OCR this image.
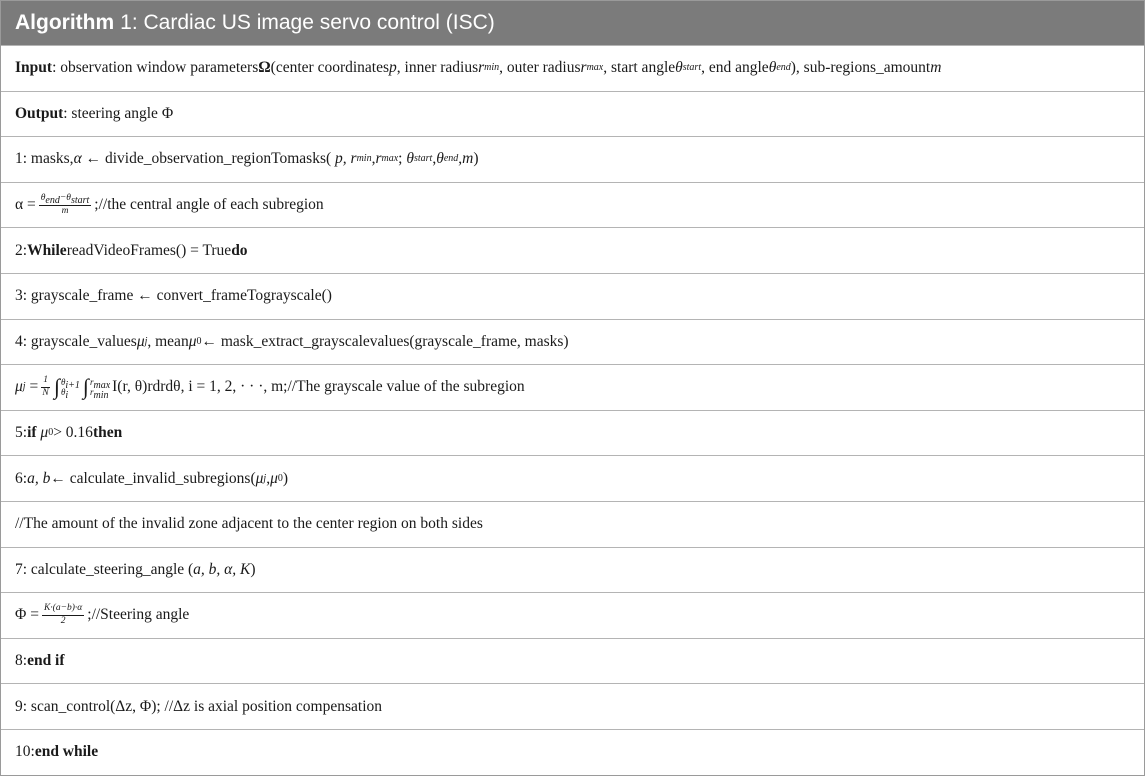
Algorithm 1 : Cardiac US image servo control (ISC)
Input : observation window parameters Ω (center coordinates p , inner radius r min , outer radius r max , start angle θ start , end angle θ end ), sub-regions_amount m
Output : steering angle Φ
1: masks, α ← divide_observation_regionTomasks(
p, r min , r max ; θ start , θ end , m )
$\alpha = \frac{\theta_{end}-\theta_{start}}{m}$ ;//the central angle of each subregion
2: While readVideoFrames() = True do
3: grayscale_frame ← convert_frameTograyscale()
4: grayscale_values μ j , mean μ 0 ← mask_extract_grayscalevalues(grayscale_frame, masks)
μ $j = \frac{1}{N}$ ∫ $\theta_{i+1}$
$\theta_i$ ∫ $r_{max}$
$r_{min}$
I(r, θ)rdrdθ, i = 1, 2, · · ·, m;//The grayscale value of the subregion
5: if
μ 0 > 0.16 then
6: a, b ← calculate_invalid_subregions( μ j , μ 0 )
//The amount of the invalid zone adjacent to the center region on both sides
7: calculate_steering_angle ( a, b, α, K )
$\Phi = \frac{K\cdot(a-b)\cdot\alpha}{2}$ ;//Steering angle
8: end if
9: scan_control(Δz, Φ); //Δz is axial position compensation
10: end while
